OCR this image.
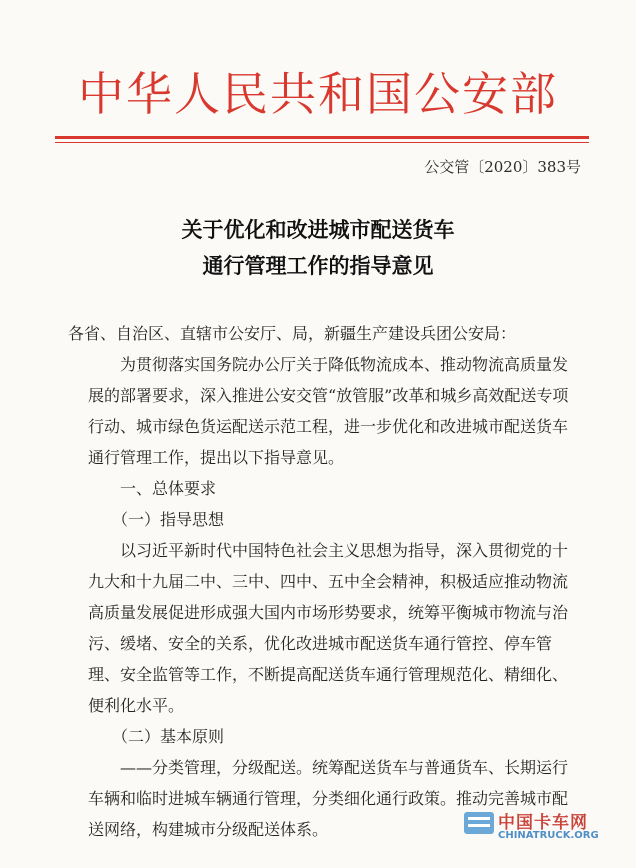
中华人民共和国公安部
公交管〔2020〕383号
关于优化和改进城市配送货车
通行管理工作的指导意见

各省、自治区、直辖市公安厅、局，新疆生产建设兵团公安局：

为贯彻落实国务院办公厅关于降低物流成本、推动物流高质量发展的部署要求，深入推进公安交管“放管服”改革和城乡高效配送专项行动、城市绿色货运配送示范工程，进一步优化和改进城市配送货车通行管理工作，提出以下指导意见。

一、总体要求

（一）指导思想

以习近平新时代中国特色社会主义思想为指导，深入贯彻党的十九大和十九届二中、三中、四中、五中全会精神，积极适应推动物流高质量发展促进形成强大国内市场形势要求，统筹平衡城市物流与治污、缓堵、安全的关系，优化改进城市配送货车通行管控、停车管理、安全监管等工作，不断提高配送货车通行管理规范化、精细化、便利化水平。

（二）基本原则

——分类管理，分级配送。统筹配送货车与普通货车、长期运行车辆和临时进城车辆通行管理，分类细化通行政策。推动完善城市配送网络，构建城市分级配送体系。	中国卡车网
CHINATRUCK.ORG
